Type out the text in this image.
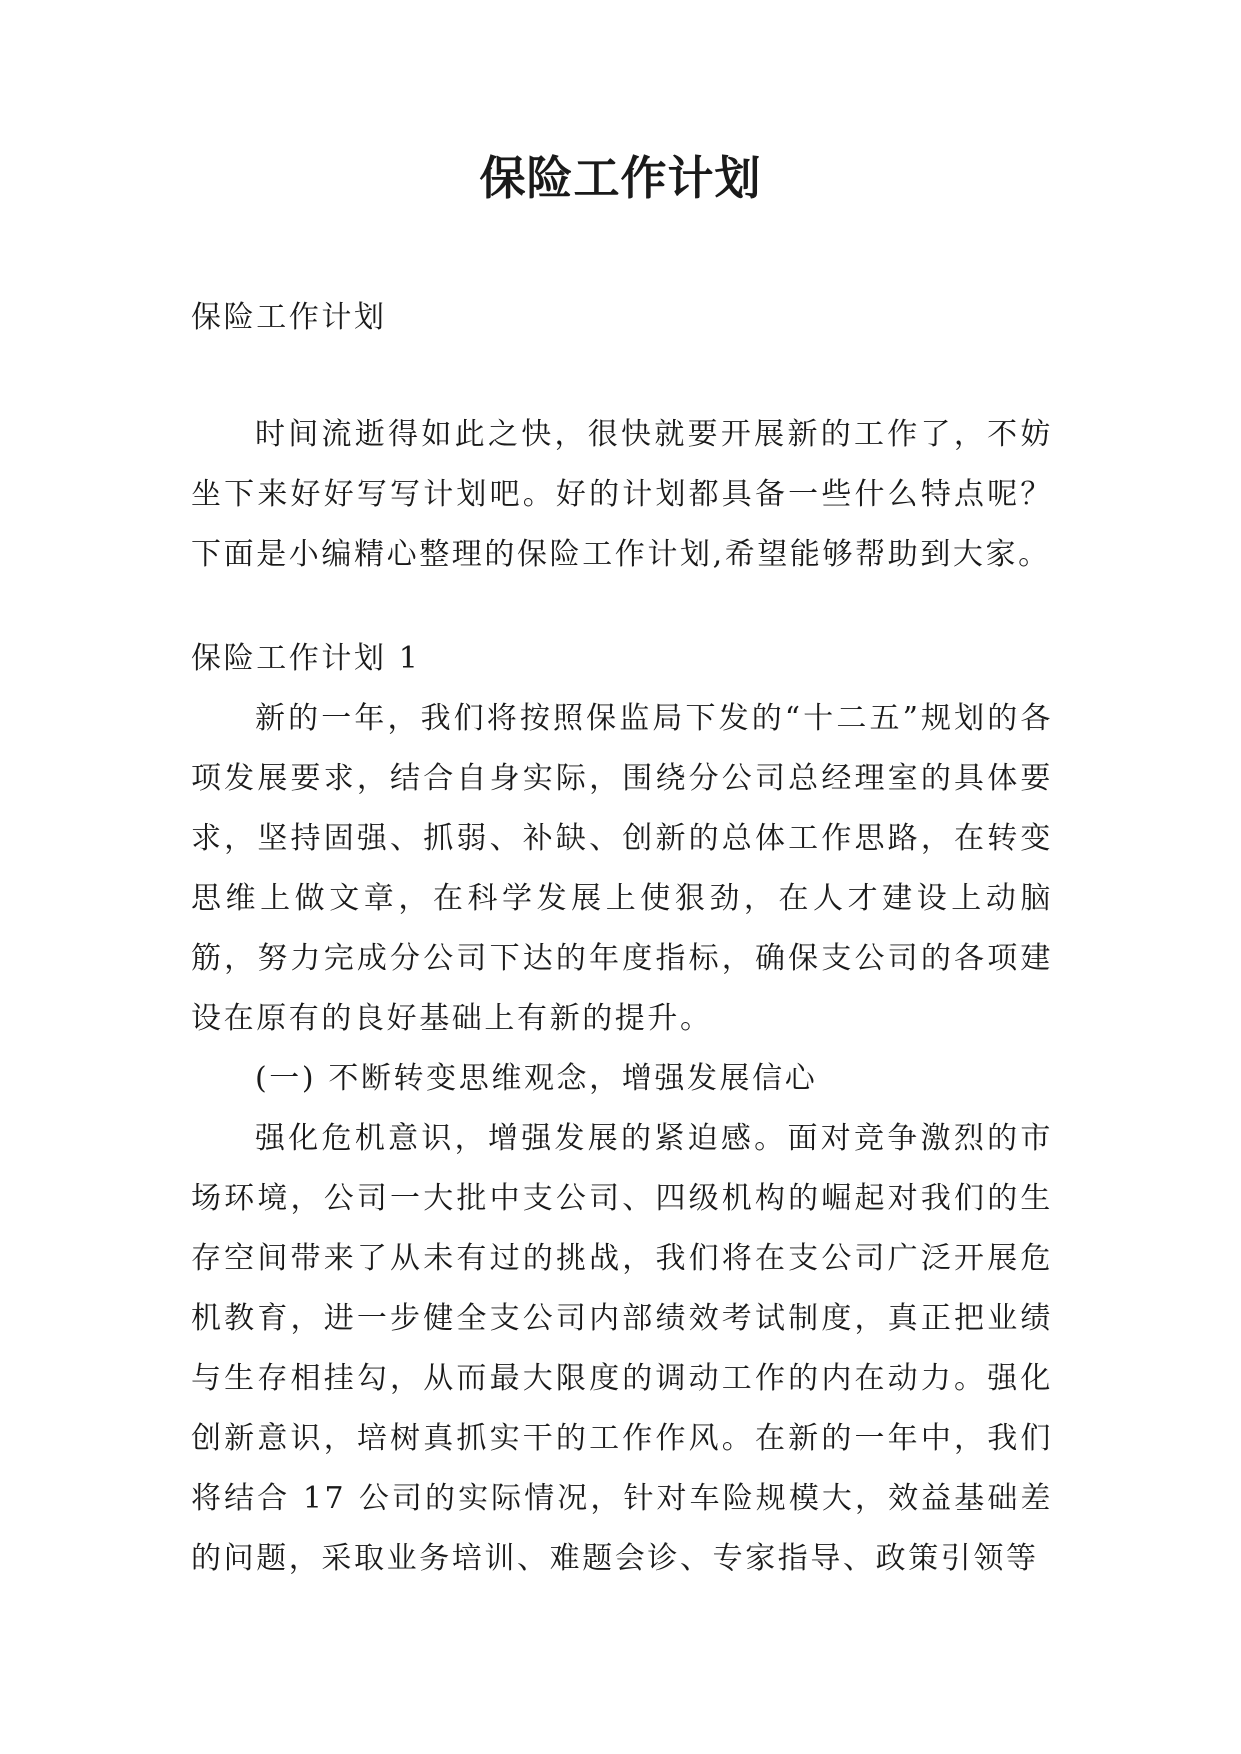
保险工作计划
保险工作计划

时间流逝得如此之快，很快就要开展新的工作了，不妨坐下来好好写写计划吧。好的计划都具备一些什么特点呢？下面是小编精心整理的保险工作计划,希望能够帮助到大家。

保险工作计划 1

新的一年，我们将按照保监局下发的“十二五”规划的各项发展要求，结合自身实际，围绕分公司总经理室的具体要求，坚持固强、抓弱、补缺、创新的总体工作思路，在转变思维上做文章，在科学发展上使狠劲，在人才建设上动脑筋，努力完成分公司下达的年度指标，确保支公司的各项建设在原有的良好基础上有新的提升。

(一) 不断转变思维观念，增强发展信心

强化危机意识，增强发展的紧迫感。面对竞争激烈的市场环境，公司一大批中支公司、四级机构的崛起对我们的生存空间带来了从未有过的挑战，我们将在支公司广泛开展危机教育，进一步健全支公司内部绩效考试制度，真正把业绩与生存相挂勾，从而最大限度的调动工作的内在动力。强化创新意识，培树真抓实干的工作作风。在新的一年中，我们将结合 17 公司的实际情况，针对车险规模大，效益基础差的问题，采取业务培训、难题会诊、专家指导、政策引领等
